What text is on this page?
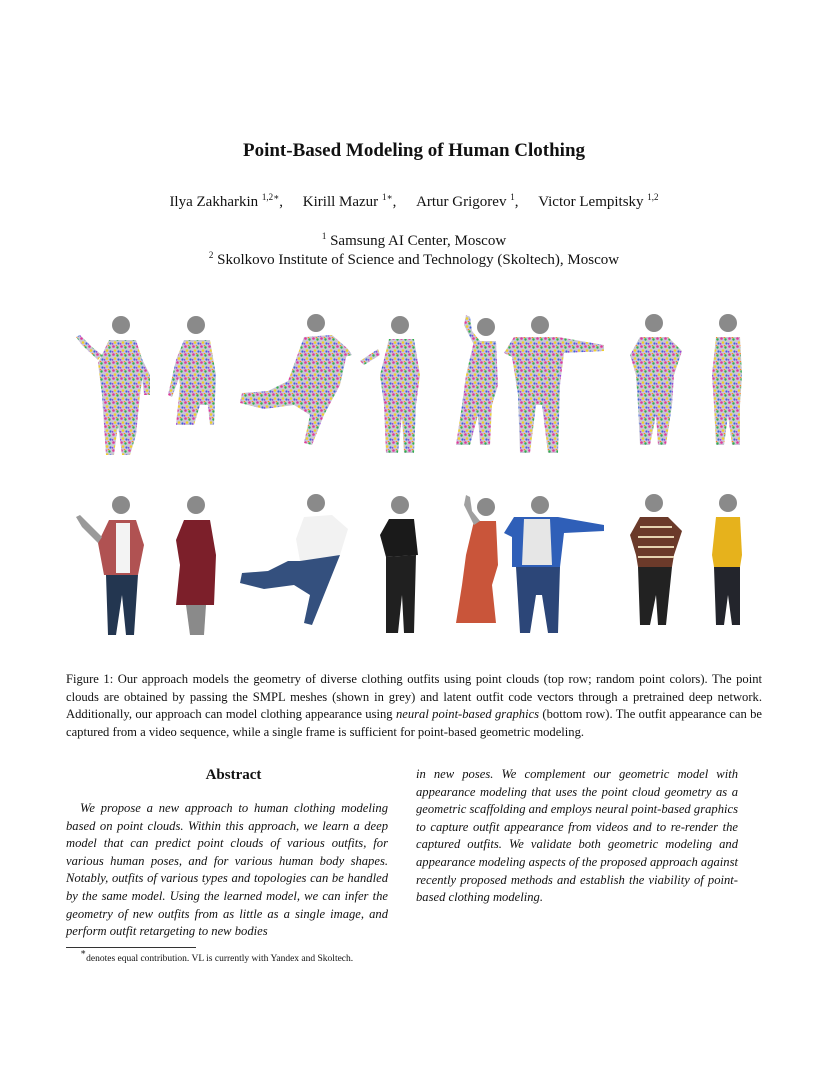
Point-Based Modeling of Human Clothing
Ilya Zakharkin $^{1,2∗}$, Kirill Mazur $^{1∗}$, Artur Grigorev $^1$, Victor Lempitsky $^{1,2}$
$^1$ Samsung AI Center, Moscow
$^2$ Skolkovo Institute of Science and Technology (Skoltech), Moscow
Figure 1: Our approach models the geometry of diverse clothing outfits using point clouds (top row; random point colors). The point clouds are obtained by passing the SMPL meshes (shown in grey) and latent outfit code vectors through a pretrained deep network. Additionally, our approach can model clothing appearance using neural point-based graphics (bottom row). The outfit appearance can be captured from a video sequence, while a single frame is sufficient for point-based geometric modeling.
Abstract
We propose a new approach to human clothing modeling based on point clouds. Within this approach, we learn a deep model that can predict point clouds of various outfits, for various human poses, and for various human body shapes. Notably, outfits of various types and topologies can be handled by the same model. Using the learned model, we can infer the geometry of new outfits from as little as a single image, and perform outfit retargeting to new bodies
in new poses. We complement our geometric model with appearance modeling that uses the point cloud geometry as a geometric scaffolding and employs neural point-based graphics to capture outfit appearance from videos and to re-render the captured outfits. We validate both geometric modeling and appearance modeling aspects of the proposed approach against recently proposed methods and establish the viability of point-based clothing modeling.
∗denotes equal contribution. VL is currently with Yandex and Skoltech.
